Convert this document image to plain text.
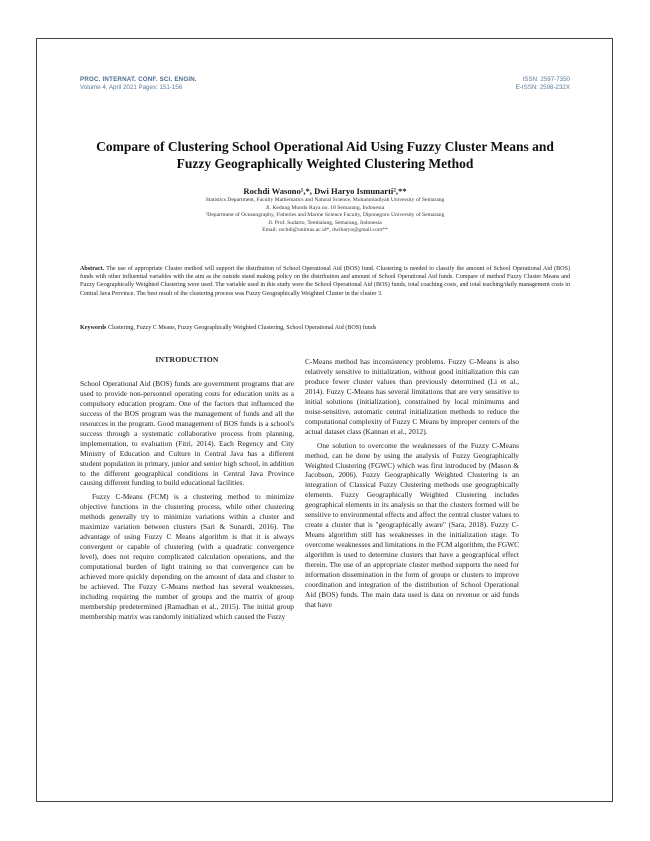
PROC. INTERNAT. CONF. SCI. ENGIN.
Volume 4, April 2021 Pages: 151-156
ISSN: 2597-7350
E-ISSN: 2598-232X
Compare of Clustering School Operational Aid Using Fuzzy Cluster Means and Fuzzy Geographically Weighted Clustering Method
Rochdi Wasono¹,*, Dwi Haryo Ismunarti²,**
Statistics Department, Faculty Mathematics and Natural Science, Muhammadiyah University of Semarang
Jl. Kedung Mundu Raya no. 18 Semarang, Indonesia
²Department of Oceanography, Fisheries and Marine Science Faculty, Diponegoro University of Semarang
Jl. Prof. Sudarto, Tembalang, Semarang, Indonesia
Email: rochdi@unimus.ac.id*, dwiharyo@gmail.com**
Abstract. The use of appropriate Cluster method will support the distribution of School Operational Aid (BOS) fund. Clustering is needed to classify the amount of School Operational Aid (BOS) funds with other influential variables with the aim as the outside stand making policy on the distribution and amount of School Operational Aid funds. Compare of method Fuzzy Cluster Means and Fuzzy Geographically Weighted Clustering were used. The variable used in this study were the School Operational Aid (BOS) funds, total coaching costs, and total teaching/daily management costs in Central Java Province. The best result of the clustering process was Fuzzy Geographically Weighted Cluster in the cluster 3.
Keywords Clustering, Fuzzy C Means, Fuzzy Geographically Weighted Clustering, School Operational Aid (BOS) funds
INTRODUCTION

School Operational Aid (BOS) funds are government programs that are used to provide non-personnel operating costs for education units as a compulsory education program. One of the factors that influenced the success of the BOS program was the management of funds and all the resources in the program. Good management of BOS funds is a school's success through a systematic collaborative process from planning, implementation, to evaluation (Fitri, 2014). Each Regency and City Ministry of Education and Culture in Central Java has a different student population in primary, junior and senior high school, in addition to the different geographical conditions in Central Java Province causing different funding to build educational facilities.

Fuzzy C-Means (FCM) is a clustering method to minimize objective functions in the clustering process, while other clustering methods generally try to minimize variations within a cluster and maximize variation between clusters (Sari & Sunardi, 2016). The advantage of using Fuzzy C Means algorithm is that it is always convergent or capable of clustering (with a quadratic convergence level), does not require complicated calculation operations, and the computational burden of light training so that convergence can be achieved more quickly depending on the amount of data and cluster to be achieved. The Fuzzy C-Means method has several weaknesses, including requiring the number of groups and the matrix of group membership predetermined (Ramadhan et al., 2015). The initial group membership matrix was randomly initialized which caused the Fuzzy

C-Means method has inconsistency problems. Fuzzy C-Means is also relatively sensitive to initialization, without good initialization this can produce fewer cluster values than previously determined (Li et al., 2014). Fuzzy C-Means has several limitations that are very sensitive to initial solutions (initialization), constrained by local minimums and noise-sensitive, automatic central initialization methods to reduce the computational complexity of Fuzzy C Means by improper centers of the actual dataset class (Kannan et al., 2012).

One solution to overcome the weaknesses of the Fuzzy C-Means method, can be done by using the analysis of Fuzzy Geographically Weighted Clustering (FGWC) which was first introduced by (Mason & Jacobson, 2006). Fuzzy Geographically Weighted Clustering is an integration of Classical Fuzzy Clustering methods use geographically elements. Fuzzy Geographically Weighted Clustering includes geographical elements in its analysis so that the clusters formed will be sensitive to environmental effects and affect the central cluster values to create a cluster that is "geographically aware" (Sara, 2018). Fuzzy C-Means algorithm still has weaknesses in the initialization stage. To overcome weaknesses and limitations in the FCM algorithm, the FGWC algorithm is used to determine clusters that have a geographical effect therein. The use of an appropriate cluster method supports the need for information dissemination in the form of groups or clusters to improve coordination and integration of the distribution of School Operational Aid (BOS) funds. The main data used is data on revenue or aid funds that have
